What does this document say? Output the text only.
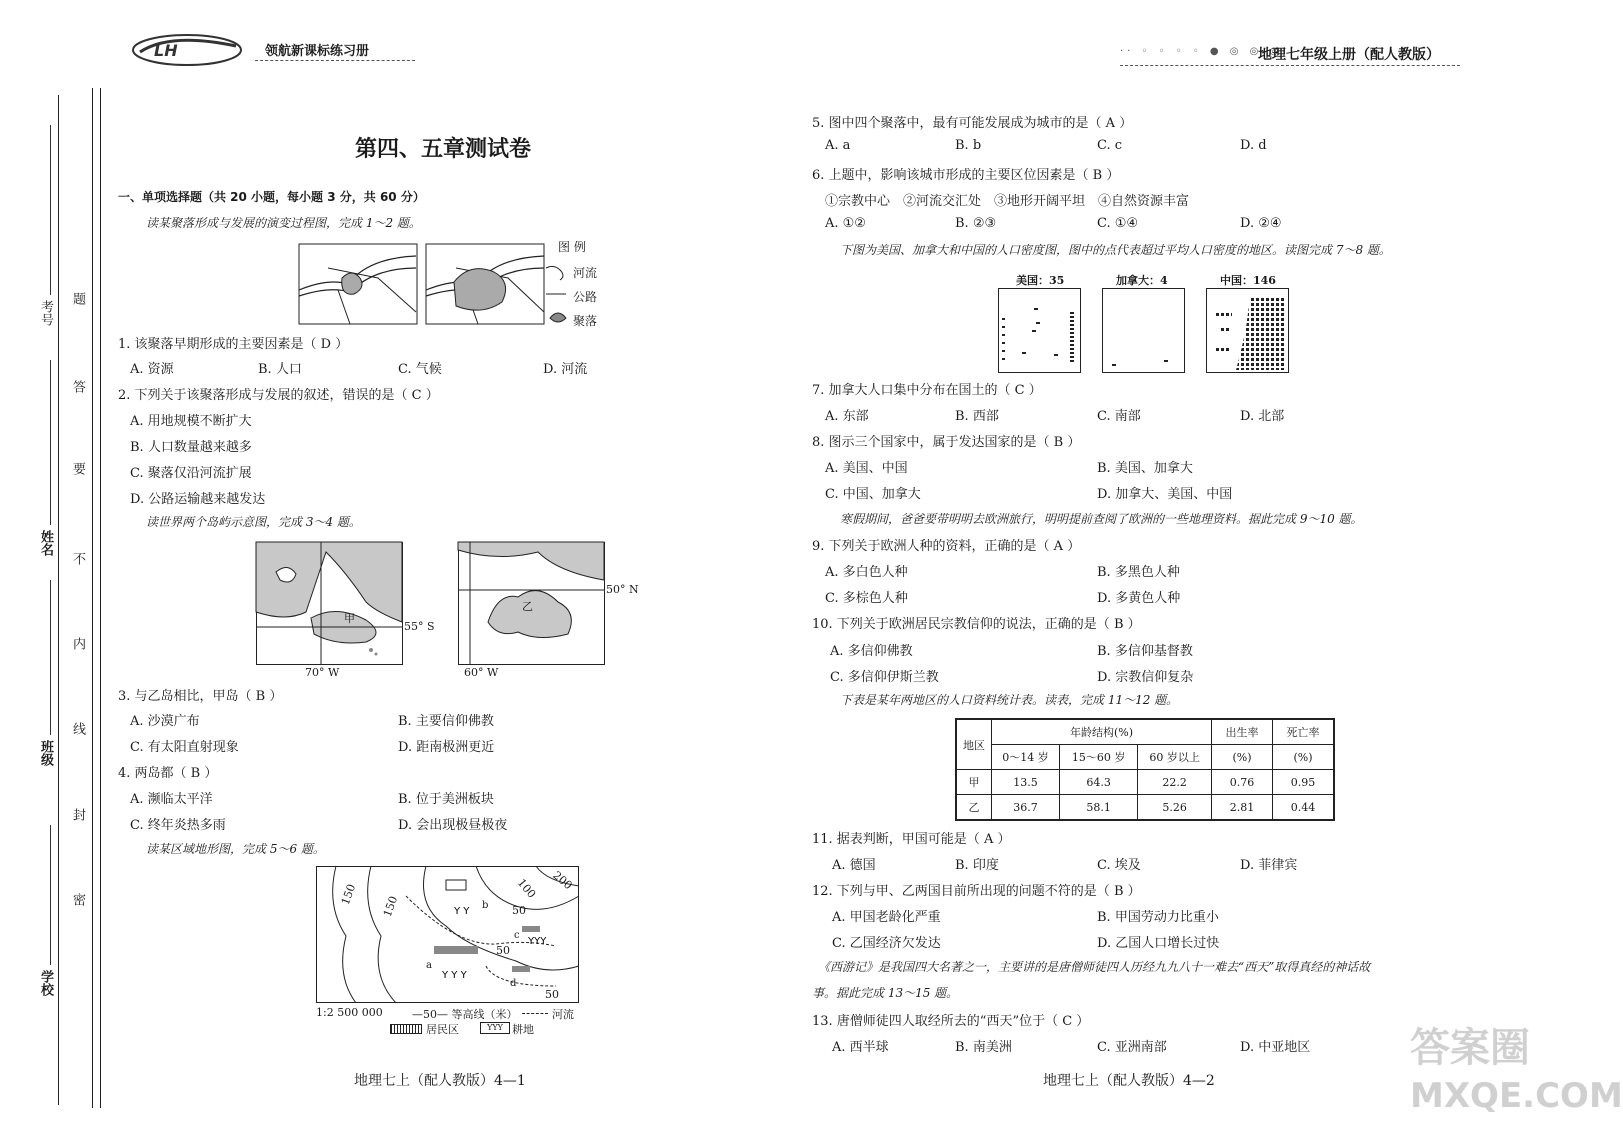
LH	领航新课标练习册	·· ◦ ◦ ◦ ◦ ● ◎ ◎ ◎
地理七年级上册（配人教版）
考号
姓名
班级
学校
题
答
要
不
内
线
封
密
第四、五章测试卷
一、单项选择题（共 20 小题，每小题 3 分，共 60 分）
读某聚落形成与发展的演变过程图，完成 1～2 题。
图 例
河流
公路
聚落
1. 该聚落早期形成的主要因素是（ D ）
A. 资源	B. 人口	C. 气候	D. 河流
2. 下列关于该聚落形成与发展的叙述，错误的是（ C ）
A. 用地规模不断扩大
B. 人口数量越来越多
C. 聚落仅沿河流扩展
D. 公路运输越来越发达
读世界两个岛屿示意图，完成 3～4 题。
甲
55° S
70° W
乙
50° N
60° W
3. 与乙岛相比，甲岛（ B ）
A. 沙漠广布	B. 主要信仰佛教
C. 有太阳直射现象	D. 距南极洲更近
4. 两岛都（ B ）
A. 濒临太平洋	B. 位于美洲板块
C. 终年炎热多雨	D. 会出现极昼极夜
读某区域地形图，完成 5～6 题。
Y Y Y
Y Y
YYY
150 150
100 200
50
50
50
a
b
c
d
1:2 500 000	—50— 等高线（米）	河流
居民区	YYY 耕地
地理七上（配人教版）4—1
5. 图中四个聚落中，最有可能发展成为城市的是（ A ）
A. a	B. b	C. c	D. d
6. 上题中，影响该城市形成的主要区位因素是（ B ）
①宗教中心　②河流交汇处　③地形开阔平坦　④自然资源丰富
A. ①②	B. ②③	C. ①④	D. ②④
下图为美国、加拿大和中国的人口密度图，图中的点代表超过平均人口密度的地区。读图完成 7～8 题。
美国：35	加拿大：4	中国：146
7. 加拿大人口集中分布在国土的（ C ）
A. 东部	B. 西部	C. 南部	D. 北部
8. 图示三个国家中，属于发达国家的是（ B ）
A. 美国、中国	B. 美国、加拿大
C. 中国、加拿大	D. 加拿大、美国、中国
寒假期间，爸爸要带明明去欧洲旅行，明明提前查阅了欧洲的一些地理资料。据此完成 9～10 题。
9. 下列关于欧洲人种的资料，正确的是（ A ）
A. 多白色人种	B. 多黑色人种
C. 多棕色人种	D. 多黄色人种
10. 下列关于欧洲居民宗教信仰的说法，正确的是（ B ）
A. 多信仰佛教	B. 多信仰基督教
C. 多信仰伊斯兰教	D. 宗教信仰复杂
下表是某年两地区的人口资料统计表。读表，完成 11～12 题。
地区	年龄结构(%)			出生率	死亡率
	0～14 岁	15～60 岁	60 岁以上	(%)	(%)
甲	13.5	64.3	22.2	0.76	0.95
乙	36.7	58.1	5.26	2.81	0.44
11. 据表判断，甲国可能是（ A ）
A. 德国	B. 印度	C. 埃及	D. 菲律宾
12. 下列与甲、乙两国目前所出现的问题不符的是（ B ）
A. 甲国老龄化严重	B. 甲国劳动力比重小
C. 乙国经济欠发达	D. 乙国人口增长过快
《西游记》是我国四大名著之一，主要讲的是唐僧师徒四人历经九九八十一难去“西天”取得真经的神话故
事。据此完成 13～15 题。
13. 唐僧师徒四人取经所去的“西天”位于（ C ）
A. 西半球	B. 南美洲	C. 亚洲南部	D. 中亚地区
地理七上（配人教版）4—2
答案圈
MXQE.COM
